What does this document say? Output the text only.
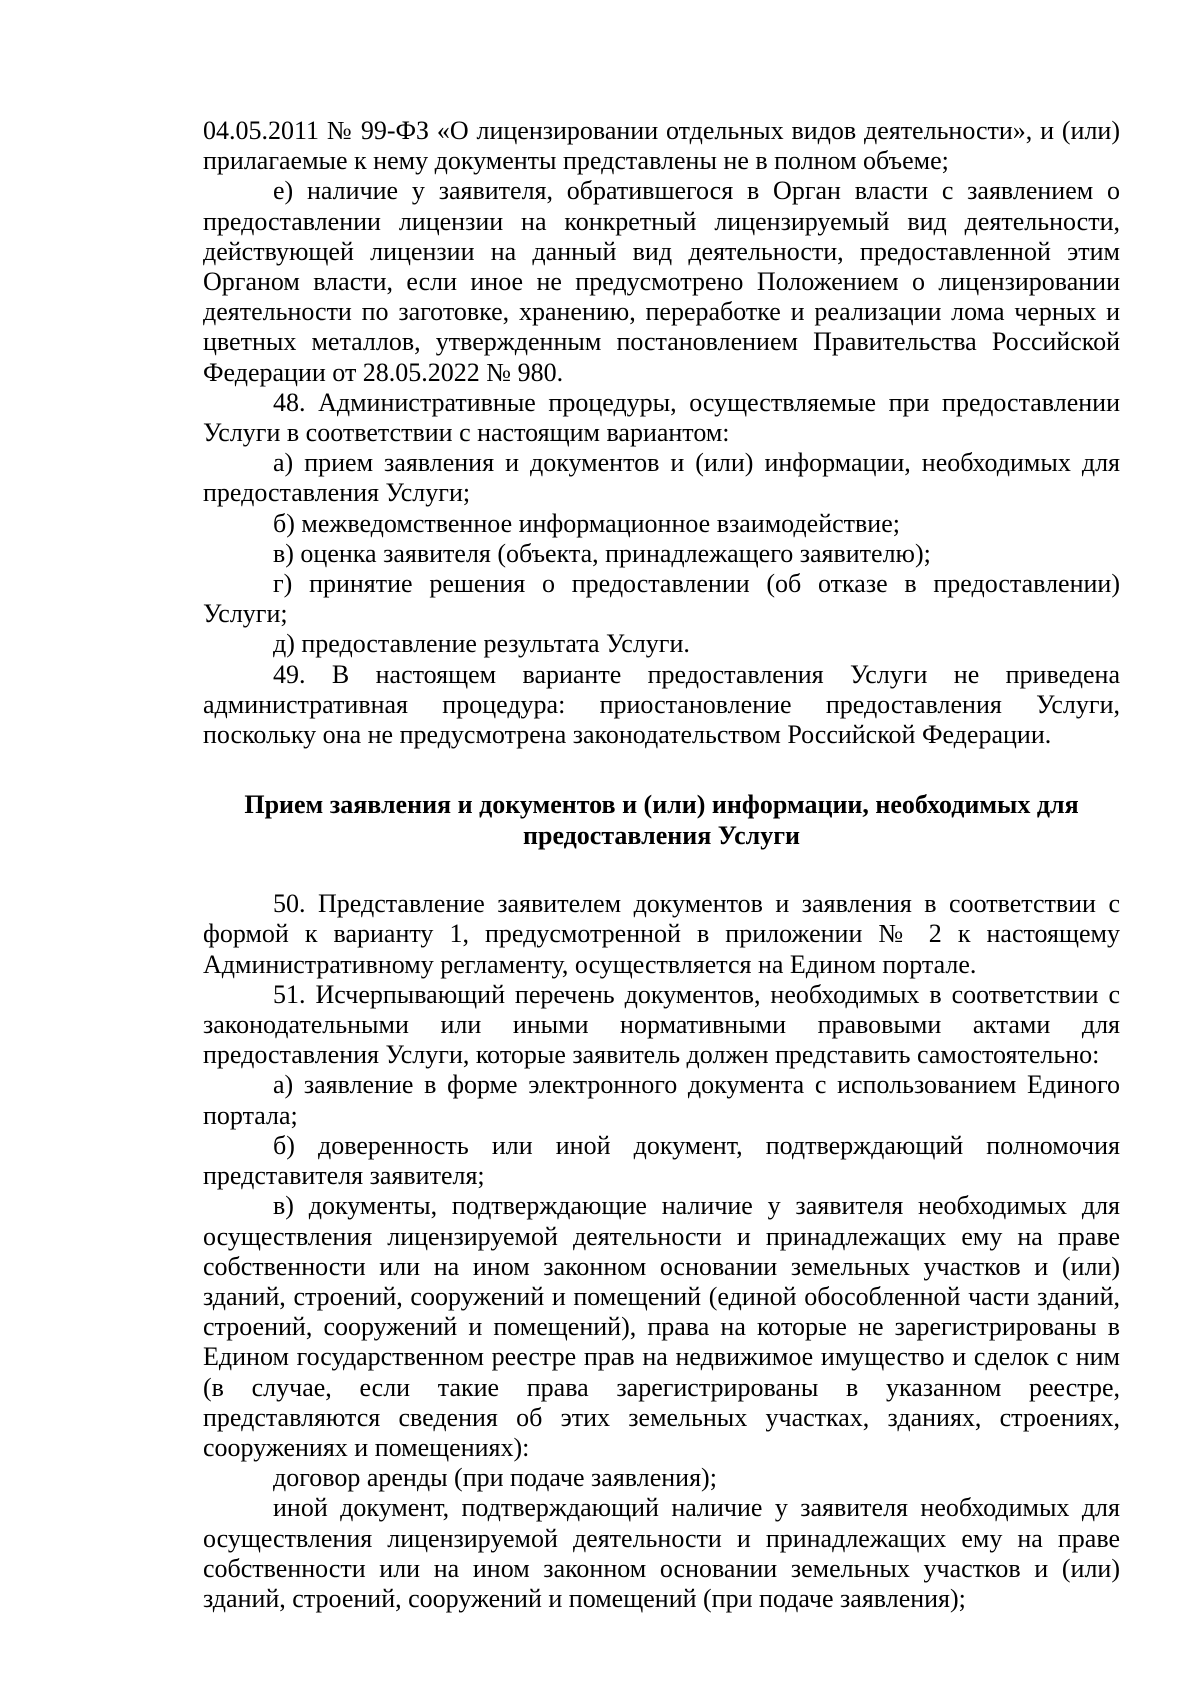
04.05.2011 № 99-ФЗ «О лицензировании отдельных видов деятельности», и (или) прилагаемые к нему документы представлены не в полном объеме;

е) наличие у заявителя, обратившегося в Орган власти с заявлением о предоставлении лицензии на конкретный лицензируемый вид деятельности, действующей лицензии на данный вид деятельности, предоставленной этим Органом власти, если иное не предусмотрено Положением о лицензировании деятельности по заготовке, хранению, переработке и реализации лома черных и цветных металлов, утвержденным постановлением Правительства Российской Федерации от 28.05.2022 № 980.

48. Административные процедуры, осуществляемые при предоставлении Услуги в соответствии с настоящим вариантом:

а) прием заявления и документов и (или) информации, необходимых для предоставления Услуги;

б) межведомственное информационное взаимодействие;

в) оценка заявителя (объекта, принадлежащего заявителю);

г) принятие решения о предоставлении (об отказе в предоставлении) Услуги;

д) предоставление результата Услуги.

49. В настоящем варианте предоставления Услуги не приведена административная процедура: приостановление предоставления Услуги, поскольку она не предусмотрена законодательством Российской Федерации.

Прием заявления и документов и (или) информации, необходимых для предоставления Услуги

50. Представление заявителем документов и заявления в соответствии с формой к варианту 1, предусмотренной в приложении № 2 к настоящему Административному регламенту, осуществляется на Едином портале.

51. Исчерпывающий перечень документов, необходимых в соответствии с законодательными или иными нормативными правовыми актами для предоставления Услуги, которые заявитель должен представить самостоятельно:

а) заявление в форме электронного документа с использованием Единого портала;

б) доверенность или иной документ, подтверждающий полномочия представителя заявителя;

в) документы, подтверждающие наличие у заявителя необходимых для осуществления лицензируемой деятельности и принадлежащих ему на праве собственности или на ином законном основании земельных участков и (или) зданий, строений, сооружений и помещений (единой обособленной части зданий, строений, сооружений и помещений), права на которые не зарегистрированы в Едином государственном реестре прав на недвижимое имущество и сделок с ним (в случае, если такие права зарегистрированы в указанном реестре, представляются сведения об этих земельных участках, зданиях, строениях, сооружениях и помещениях):

договор аренды (при подаче заявления);

иной документ, подтверждающий наличие у заявителя необходимых для осуществления лицензируемой деятельности и принадлежащих ему на праве собственности или на ином законном основании земельных участков и (или) зданий, строений, сооружений и помещений (при подаче заявления);
